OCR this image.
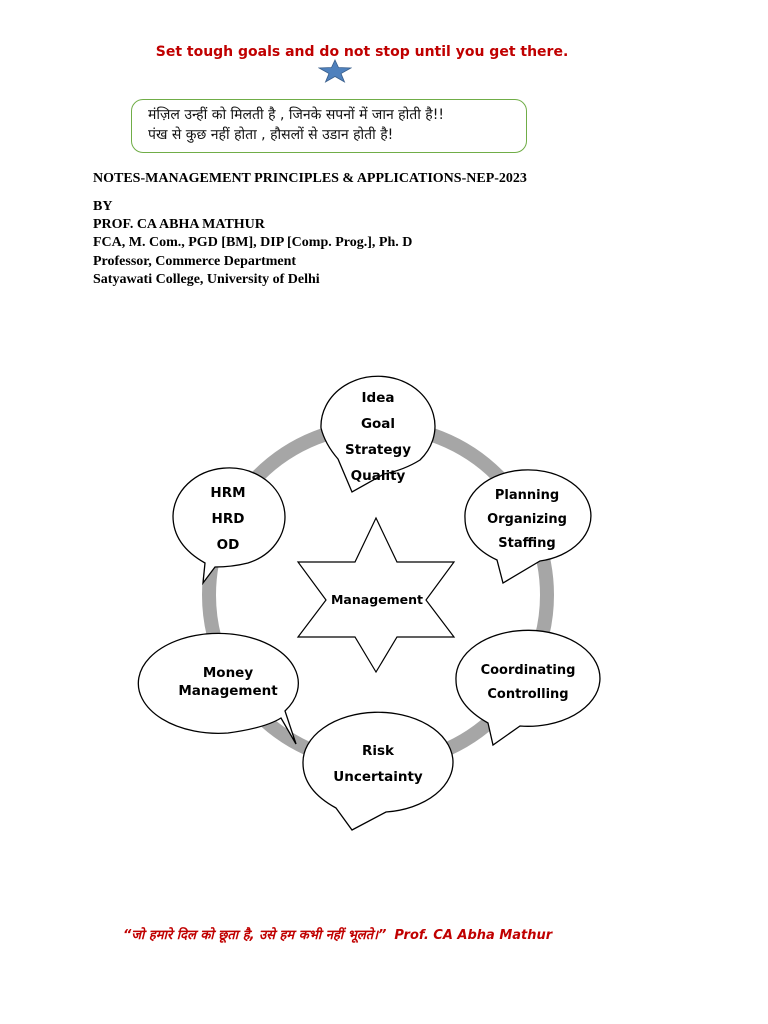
Set tough goals and do not stop until you get there.
मंज़िल उन्हीं को मिलती है , जिनके सपनों में जान होती है!!
पंख से कुछ नहीं होता , हौसलों से उडान होती है!
NOTES-MANAGEMENT PRINCIPLES & APPLICATIONS-NEP-2023
BY
PROF. CA ABHA MATHUR
FCA, M. Com., PGD [BM], DIP [Comp. Prog.], Ph. D
Professor, Commerce Department
Satyawati College, University of Delhi
Management
Idea
Goal
Strategy
Quality
Planning
Organizing
Staffing
Coordinating
Controlling
Risk
Uncertainty
Money
Management
HRM
HRD
OD
“जो हमारे दिल को छूता है, उसे हम कभी नहीं भूलते।” Prof. CA Abha Mathur
